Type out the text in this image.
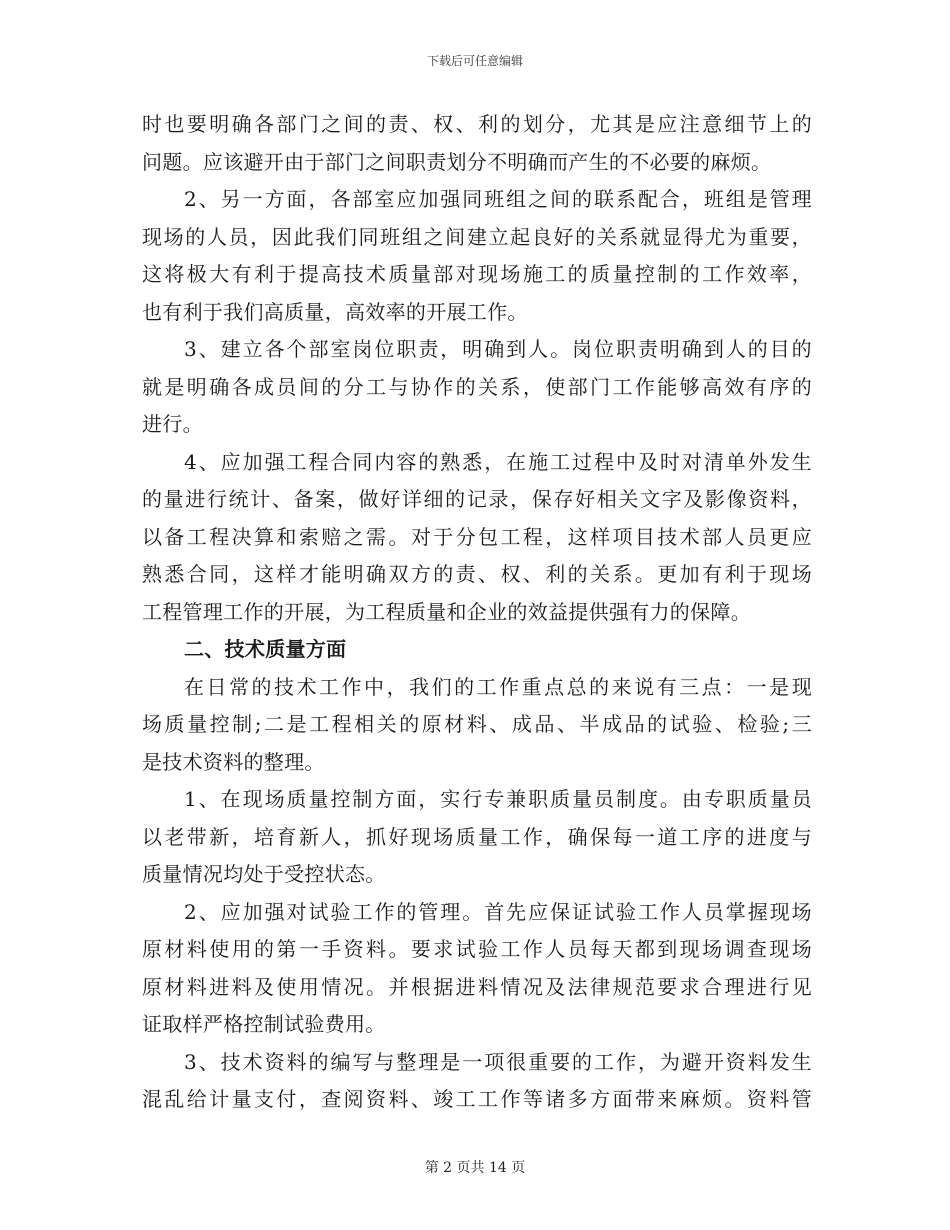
下载后可任意编辑
时也要明确各部门之间的责、权、利的划分，尤其是应注意细节上的
问题。应该避开由于部门之间职责划分不明确而产生的不必要的麻烦。
2、另一方面，各部室应加强同班组之间的联系配合，班组是管理
现场的人员，因此我们同班组之间建立起良好的关系就显得尤为重要，
这将极大有利于提高技术质量部对现场施工的质量控制的工作效率，
也有利于我们高质量，高效率的开展工作。
3、建立各个部室岗位职责，明确到人。岗位职责明确到人的目的
就是明确各成员间的分工与协作的关系，使部门工作能够高效有序的
进行。
4、应加强工程合同内容的熟悉，在施工过程中及时对清单外发生
的量进行统计、备案，做好详细的记录，保存好相关文字及影像资料，
以备工程决算和索赔之需。对于分包工程，这样项目技术部人员更应
熟悉合同，这样才能明确双方的责、权、利的关系。更加有利于现场
工程管理工作的开展，为工程质量和企业的效益提供强有力的保障。
二、技术质量方面
在日常的技术工作中，我们的工作重点总的来说有三点：一是现
场质量控制;二是工程相关的原材料、成品、半成品的试验、检验;三
是技术资料的整理。
1、在现场质量控制方面，实行专兼职质量员制度。由专职质量员
以老带新，培育新人，抓好现场质量工作，确保每一道工序的进度与
质量情况均处于受控状态。
2、应加强对试验工作的管理。首先应保证试验工作人员掌握现场
原材料使用的第一手资料。要求试验工作人员每天都到现场调查现场
原材料进料及使用情况。并根据进料情况及法律规范要求合理进行见
证取样严格控制试验费用。
3、技术资料的编写与整理是一项很重要的工作，为避开资料发生
混乱给计量支付，查阅资料、竣工工作等诸多方面带来麻烦。资料管
第 2 页共 14 页
